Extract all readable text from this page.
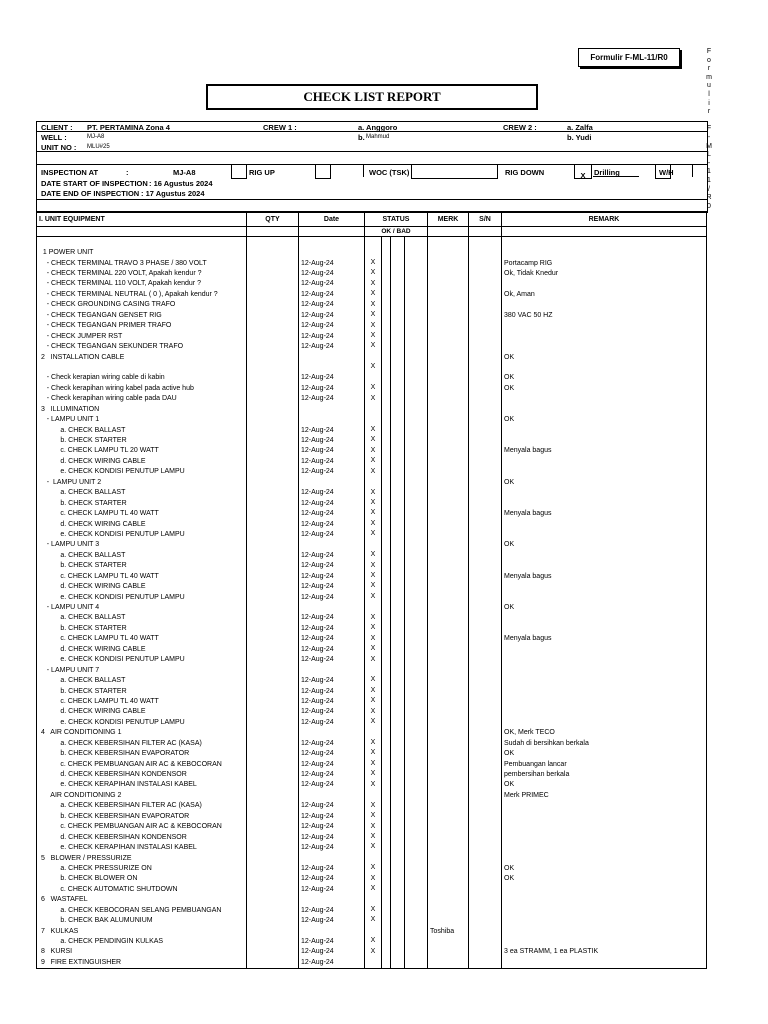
Formulir F-ML-11/R0
F
o
r
m
u
l
i
r
F
-
M
L
-
1
1
/
R
0
CHECK LIST REPORT
CLIENT : PT. PERTAMINA Zona 4	CREW 1 :	a. Anggoro	CREW 2 :	a. Zalfa
WELL :	MJ-A8	b. Mahmud	b. Yudi
UNIT NO : MLU#25
INSPECTION AT	:	MJ-A8	RIG UP	WOC (TSK)	RIG DOWN	X	Drilling	W/H
DATE START OF INSPECTION : 16 Agustus 2024
DATE END OF INSPECTION : 17 Agustus 2024
I. UNIT EQUIPMENT	QTY	Date	STATUS	MERK	S/N	REMARK
			OK / BAD			

1 POWER UNIT			

- CHECK TERMINAL TRAVO 3 PHASE / 380 VOLT		12-Aug-24	X			Portacamp RIG
- CHECK TERMINAL 220 VOLT, Apakah kendur ?		12-Aug-24	X			Ok, Tidak Knedur
- CHECK TERMINAL 110 VOLT, Apakah kendur ?		12-Aug-24	X			

- CHECK TERMINAL NEUTRAL ( 0 ), Apakah kendur ?		12-Aug-24	X			Ok, Aman
- CHECK GROUNDING CASING TRAFO		12-Aug-24	X			

- CHECK TEGANGAN GENSET RIG		12-Aug-24	X			380 VAC 50 HZ
- CHECK TEGANGAN PRIMER TRAFO		12-Aug-24	X			

- CHECK JUMPER RST		12-Aug-24	X			

- CHECK TEGANGAN SEKUNDER TRAFO		12-Aug-24	X			

2   INSTALLATION CABLE						OK

			X			

- Check kerapian wiring cable di kabin		12-Aug-24				OK
- Check kerapihan wiring kabel pada active hub		12-Aug-24	X			OK
- Check kerapihan wiring cable pada DAU		12-Aug-24	X			

3   ILLUMINATION			

- LAMPU UNIT 1						OK
a. CHECK BALLAST		12-Aug-24	X			

b. CHECK STARTER		12-Aug-24	X			

c. CHECK LAMPU TL 20 WATT		12-Aug-24	X			Menyala bagus
d. CHECK WIRING CABLE		12-Aug-24	X			

e. CHECK KONDISI PENUTUP LAMPU		12-Aug-24	X			

-  LAMPU UNIT 2						OK
a. CHECK BALLAST		12-Aug-24	X			

b. CHECK STARTER		12-Aug-24	X			

c. CHECK LAMPU TL 40 WATT		12-Aug-24	X			Menyala bagus
d. CHECK WIRING CABLE		12-Aug-24	X			

e. CHECK KONDISI PENUTUP LAMPU		12-Aug-24	X			

- LAMPU UNIT 3						OK
a. CHECK BALLAST		12-Aug-24	X			

b. CHECK STARTER		12-Aug-24	X			

c. CHECK LAMPU TL 40 WATT		12-Aug-24	X			Menyala bagus
d. CHECK WIRING CABLE		12-Aug-24	X			

e. CHECK KONDISI PENUTUP LAMPU		12-Aug-24	X			

- LAMPU UNIT 4						OK
a. CHECK BALLAST		12-Aug-24	X			

b. CHECK STARTER		12-Aug-24	X			

c. CHECK LAMPU TL 40 WATT		12-Aug-24	X			Menyala bagus
d. CHECK WIRING CABLE		12-Aug-24	X			

e. CHECK KONDISI PENUTUP LAMPU		12-Aug-24	X			

- LAMPU UNIT 7			

a. CHECK BALLAST		12-Aug-24	X			

b. CHECK STARTER		12-Aug-24	X			

c. CHECK LAMPU TL 40 WATT		12-Aug-24	X			

d. CHECK WIRING CABLE		12-Aug-24	X			

e. CHECK KONDISI PENUTUP LAMPU		12-Aug-24	X			

4   AIR CONDITIONING 1						OK, Merk TECO
a. CHECK KEBERSIHAN FILTER AC (KASA)		12-Aug-24	X			Sudah di bersihkan berkala
b. CHECK KEBERSIHAN EVAPORATOR		12-Aug-24	X			OK
c. CHECK PEMBUANGAN AIR AC & KEBOCORAN		12-Aug-24	X			Pembuangan lancar
d. CHECK KEBERSIHAN KONDENSOR		12-Aug-24	X			pembersihan berkala
e. CHECK KERAPIHAN INSTALASI KABEL		12-Aug-24	X			OK
AIR CONDITIONING 2						Merk PRIMEC
a. CHECK KEBERSIHAN FILTER AC (KASA)		12-Aug-24	X			

b. CHECK KEBERSIHAN EVAPORATOR		12-Aug-24	X			

c. CHECK PEMBUANGAN AIR AC & KEBOCORAN		12-Aug-24	X			

d. CHECK KEBERSIHAN KONDENSOR		12-Aug-24	X			

e. CHECK KERAPIHAN INSTALASI KABEL		12-Aug-24	X			

5   BLOWER / PRESSURIZE			

a. CHECK PRESSURIZE ON		12-Aug-24	X			OK
b. CHECK BLOWER ON		12-Aug-24	X			OK
c. CHECK AUTOMATIC SHUTDOWN		12-Aug-24	X			

6   WASTAFEL			

a. CHECK KEBOCORAN SELANG PEMBUANGAN		12-Aug-24	X			

b. CHECK BAK ALUMUNIUM		12-Aug-24	X			

7   KULKAS				Toshiba		
a. CHECK PENDINGIN KULKAS		12-Aug-24	X			

8   KURSI		12-Aug-24	X			3 ea STRAMM, 1 ea PLASTIK
9   FIRE EXTINGUISHER		12-Aug-24	
